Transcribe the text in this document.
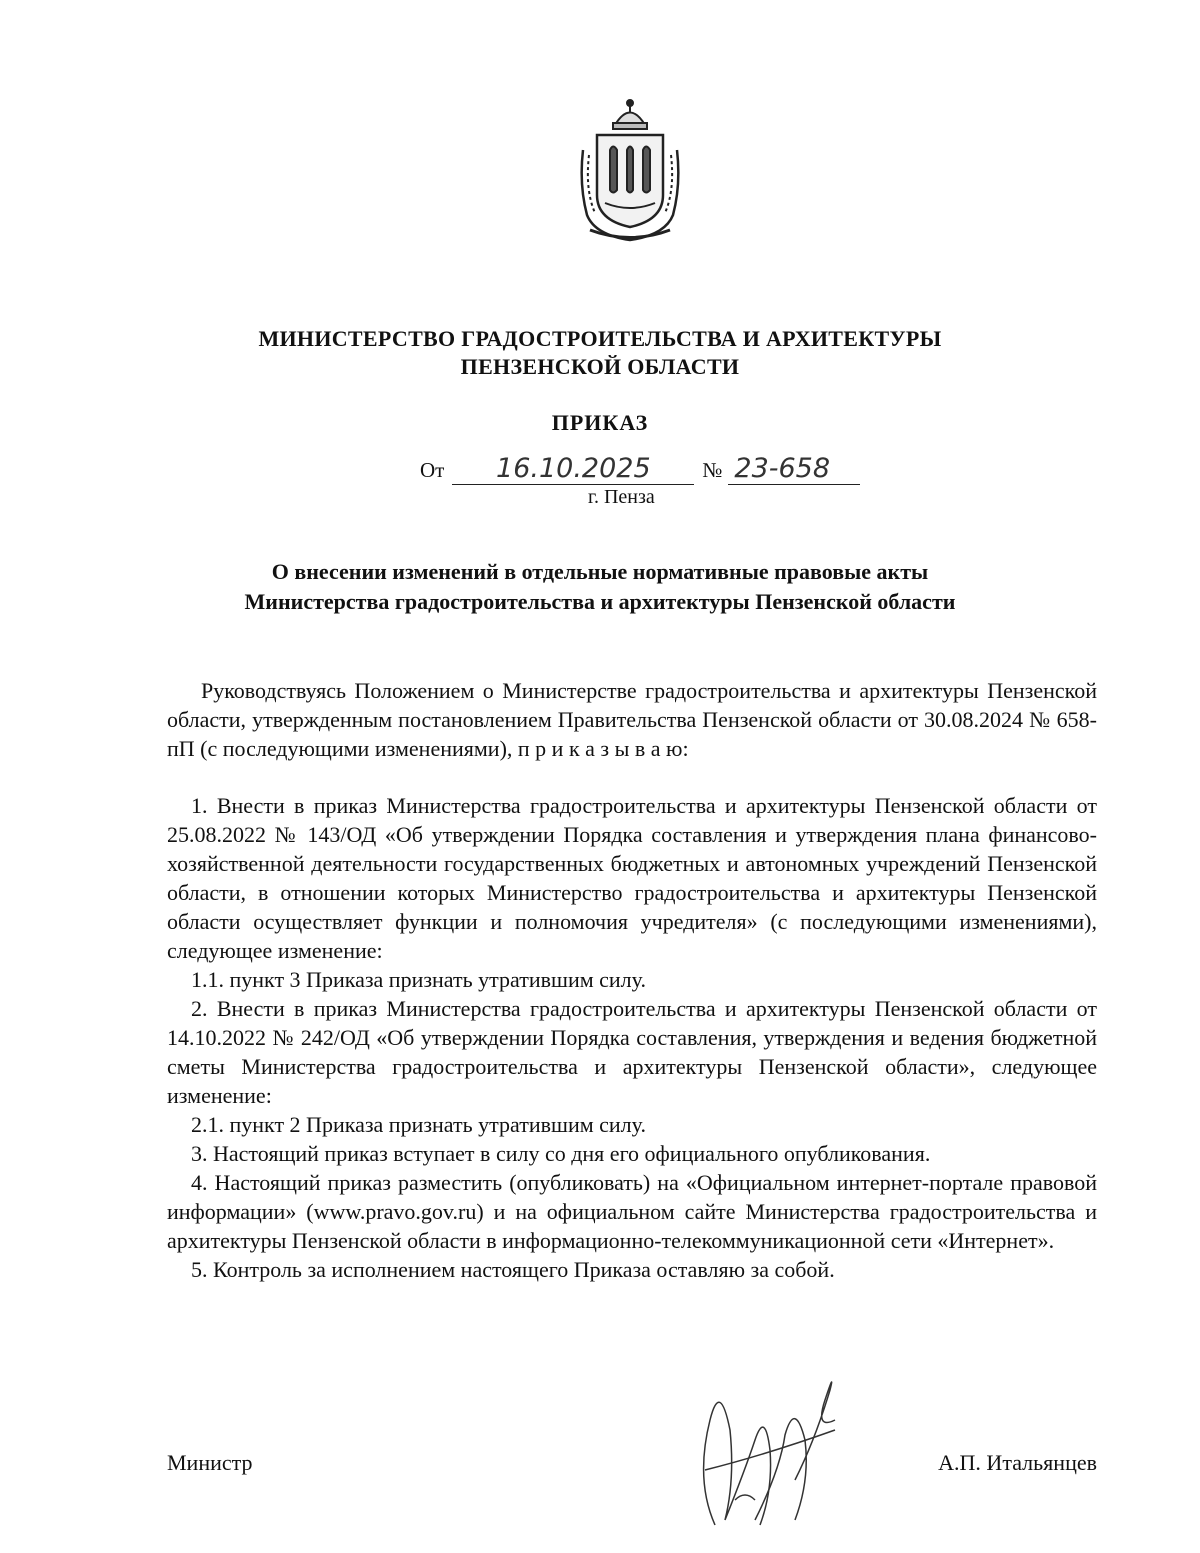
МИНИСТЕРСТВО ГРАДОСТРОИТЕЛЬСТВА И АРХИТЕКТУРЫ
ПЕНЗЕНСКОЙ ОБЛАСТИ
ПРИКАЗ
От 16.10.2025 № 23-658
г. Пенза
О внесении изменений в отдельные нормативные правовые акты
Министерства градостроительства и архитектуры Пензенской области

Руководствуясь Положением о Министерстве градостроительства и архитектуры Пензенской области, утвержденным постановлением Правительства Пензенской области от 30.08.2024 № 658-пП (с последующими изменениями), п р и к а з ы в а ю:

1. Внести в приказ Министерства градостроительства и архитектуры Пензенской области от 25.08.2022 № 143/ОД «Об утверждении Порядка составления и утверждения плана финансово-хозяйственной деятельности государственных бюджетных и автономных учреждений Пензенской области, в отношении которых Министерство градостроительства и архитектуры Пензенской области осуществляет функции и полномочия учредителя» (с последующими изменениями), следующее изменение:

1.1. пункт 3 Приказа признать утратившим силу.

2. Внести в приказ Министерства градостроительства и архитектуры Пензенской области от 14.10.2022 № 242/ОД «Об утверждении Порядка составления, утверждения и ведения бюджетной сметы Министерства градостроительства и архитектуры Пензенской области», следующее изменение:

2.1. пункт 2 Приказа признать утратившим силу.

3. Настоящий приказ вступает в силу со дня его официального опубликования.

4. Настоящий приказ разместить (опубликовать) на «Официальном интернет-портале правовой информации» (www.pravo.gov.ru) и на официальном сайте Министерства градостроительства и архитектуры Пензенской области в информационно-телекоммуникационной сети «Интернет».

5. Контроль за исполнением настоящего Приказа оставляю за собой.

Министр	А.П. Итальянцев
